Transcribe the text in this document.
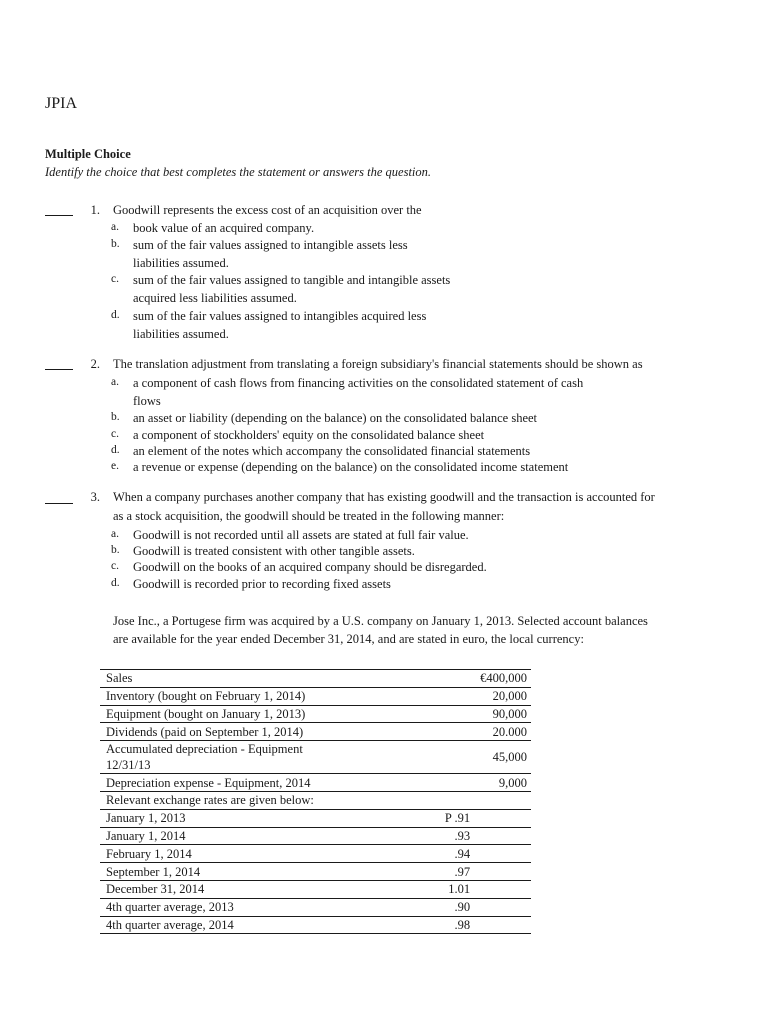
JPIA
Multiple Choice
Identify the choice that best completes the statement or answers the question.
1. Goodwill represents the excess cost of an acquisition over the
a. book value of an acquired company.
b. sum of the fair values assigned to intangible assets less
liabilities assumed.
c. sum of the fair values assigned to tangible and intangible assets
acquired less liabilities assumed.
d. sum of the fair values assigned to intangibles acquired less
liabilities assumed.
2. The translation adjustment from translating a foreign subsidiary's financial statements should be shown as
a. a component of cash flows from financing activities on the consolidated statement of cash
flows
b. an asset or liability (depending on the balance) on the consolidated balance sheet
c. a component of stockholders' equity on the consolidated balance sheet
d. an element of the notes which accompany the consolidated financial statements
e. a revenue or expense (depending on the balance) on the consolidated income statement
3. When a company purchases another company that has existing goodwill and the transaction is accounted for
as a stock acquisition, the goodwill should be treated in the following manner:
a. Goodwill is not recorded until all assets are stated at full fair value.
b. Goodwill is treated consistent with other tangible assets.
c. Goodwill on the books of an acquired company should be disregarded.
d. Goodwill is recorded prior to recording fixed assets
Jose Inc., a Portugese firm was acquired by a U.S. company on January 1, 2013. Selected account balances
are available for the year ended December 31, 2014, and are stated in euro, the local currency:
Sales		€400,000
Inventory (bought on February 1, 2014)		20,000
Equipment (bought on January 1, 2013)		90,000
Dividends (paid on September 1, 2014)		20.000
Accumulated depreciation - Equipment 12/31/13		45,000
Depreciation expense - Equipment, 2014		9,000
Relevant exchange rates are given below:		
January 1, 2013	P .91	
January 1, 2014	.93	
February 1, 2014	.94	
September 1, 2014	.97	
December 31, 2014	1.01	
4th quarter average, 2013	.90	
4th quarter average, 2014	.98	
